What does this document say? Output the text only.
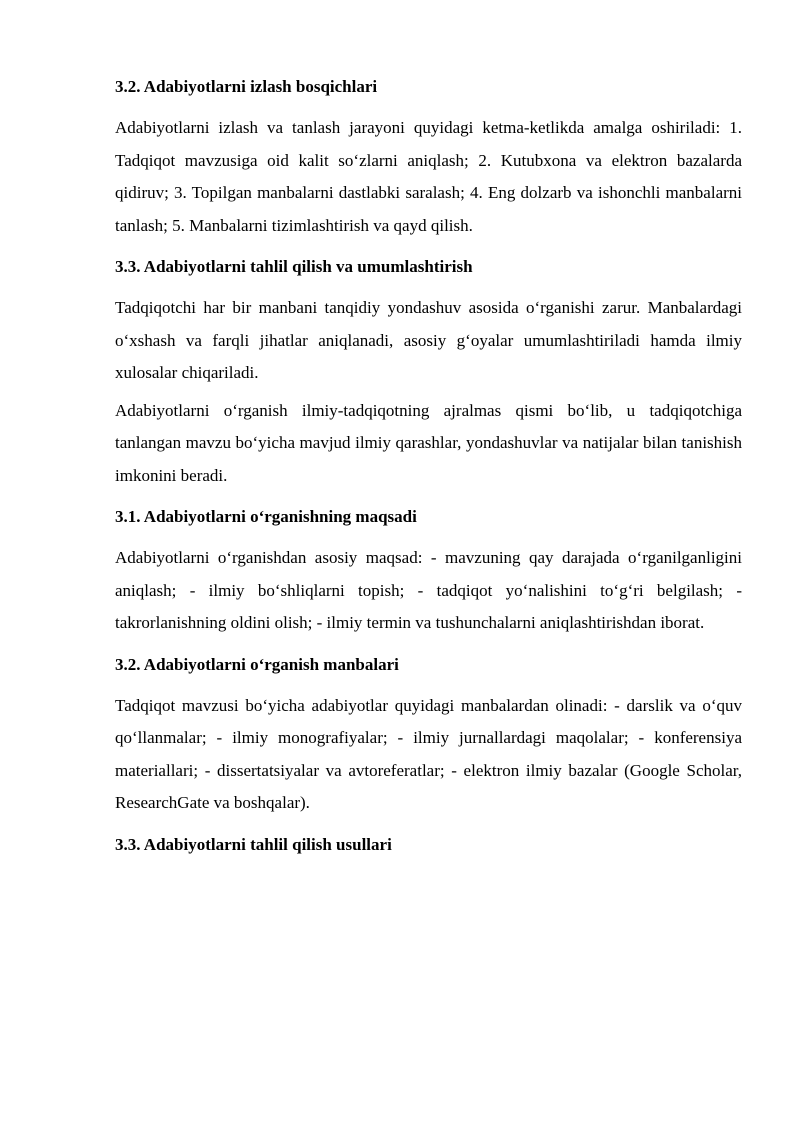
3.2. Adabiyotlarni izlash bosqichlari

Adabiyotlarni izlash va tanlash jarayoni quyidagi ketma-ketlikda amalga oshiriladi: 1. Tadqiqot mavzusiga oid kalit so‘zlarni aniqlash; 2. Kutubxona va elektron bazalarda qidiruv; 3. Topilgan manbalarni dastlabki saralash; 4. Eng dolzarb va ishonchli manbalarni tanlash; 5. Manbalarni tizimlashtirish va qayd qilish.

3.3. Adabiyotlarni tahlil qilish va umumlashtirish

Tadqiqotchi har bir manbani tanqidiy yondashuv asosida o‘rganishi zarur. Manbalardagi o‘xshash va farqli jihatlar aniqlanadi, asosiy g‘oyalar umumlashtiriladi hamda ilmiy xulosalar chiqariladi.

Adabiyotlarni o‘rganish ilmiy-tadqiqotning ajralmas qismi bo‘lib, u tadqiqotchiga tanlangan mavzu bo‘yicha mavjud ilmiy qarashlar, yondashuvlar va natijalar bilan tanishish imkonini beradi.

3.1. Adabiyotlarni o‘rganishning maqsadi

Adabiyotlarni o‘rganishdan asosiy maqsad: - mavzuning qay darajada o‘rganilganligini aniqlash; - ilmiy bo‘shliqlarni topish; - tadqiqot yo‘nalishini to‘g‘ri belgilash; - takrorlanishning oldini olish; - ilmiy termin va tushunchalarni aniqlashtirishdan iborat.

3.2. Adabiyotlarni o‘rganish manbalari

Tadqiqot mavzusi bo‘yicha adabiyotlar quyidagi manbalardan olinadi: - darslik va o‘quv qo‘llanmalar; - ilmiy monografiyalar; - ilmiy jurnallardagi maqolalar; - konferensiya materiallari; - dissertatsiyalar va avtoreferatlar; - elektron ilmiy bazalar (Google Scholar, ResearchGate va boshqalar).

3.3. Adabiyotlarni tahlil qilish usullari
